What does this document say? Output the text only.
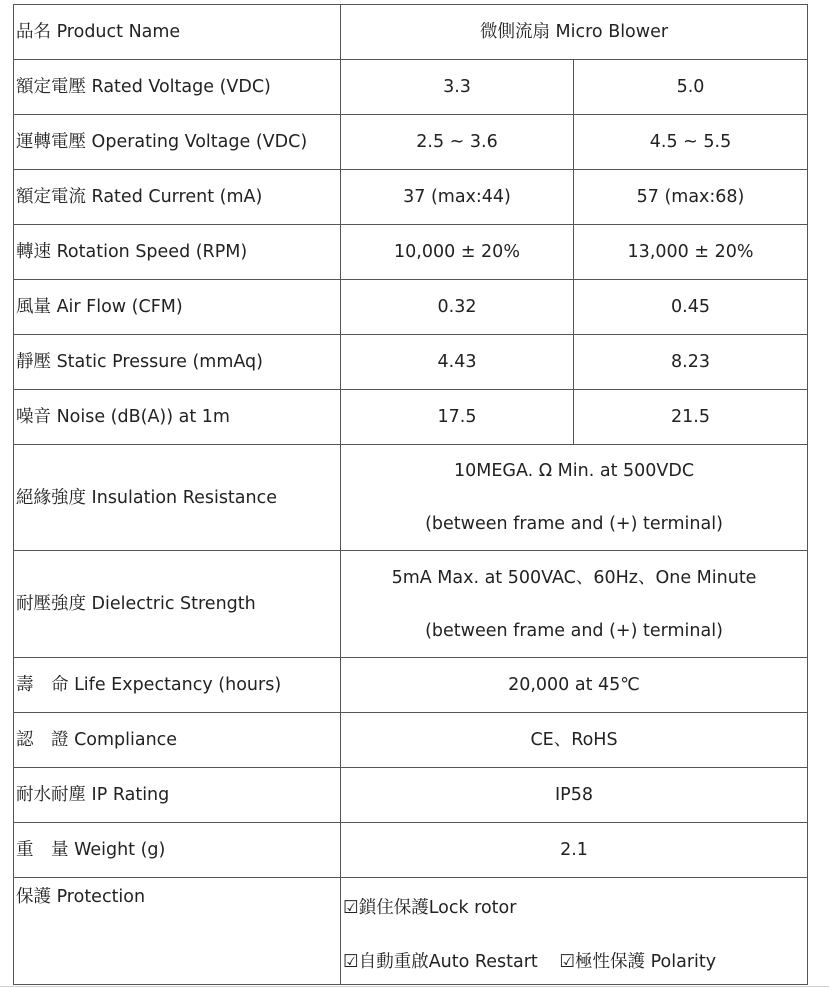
品名 Product Name	微側流扇 Micro Blower	
額定電壓 Rated Voltage (VDC)	3.3	5.0
運轉電壓 Operating Voltage (VDC)	2.5 ~ 3.6	4.5 ~ 5.5
額定電流 Rated Current (mA)	37 (max:44)	57 (max:68)
轉速 Rotation Speed (RPM)	10,000 ± 20%	13,000 ± 20%
風量 Air Flow (CFM)	0.32	0.45
靜壓 Static Pressure (mmAq)	4.43	8.23
噪音 Noise (dB(A)) at 1m	17.5	21.5
絕緣強度 Insulation Resistance	10MEGA. Ω Min. at 500VDC
(between frame and (+) terminal)	

耐壓強度 Dielectric Strength	5mA Max. at 500VAC、60Hz、One Minute
(between frame and (+) terminal)	

壽　命 Life Expectancy (hours)	20,000 at 45℃	
認　證 Compliance	CE、RoHS	
耐水耐塵 IP Rating	IP58	
重　量 Weight (g)	2.1	
保護 Protection	☑鎖住保護Lock rotor
☑自動重啟Auto Restart ☑極性保護 Polarity	
